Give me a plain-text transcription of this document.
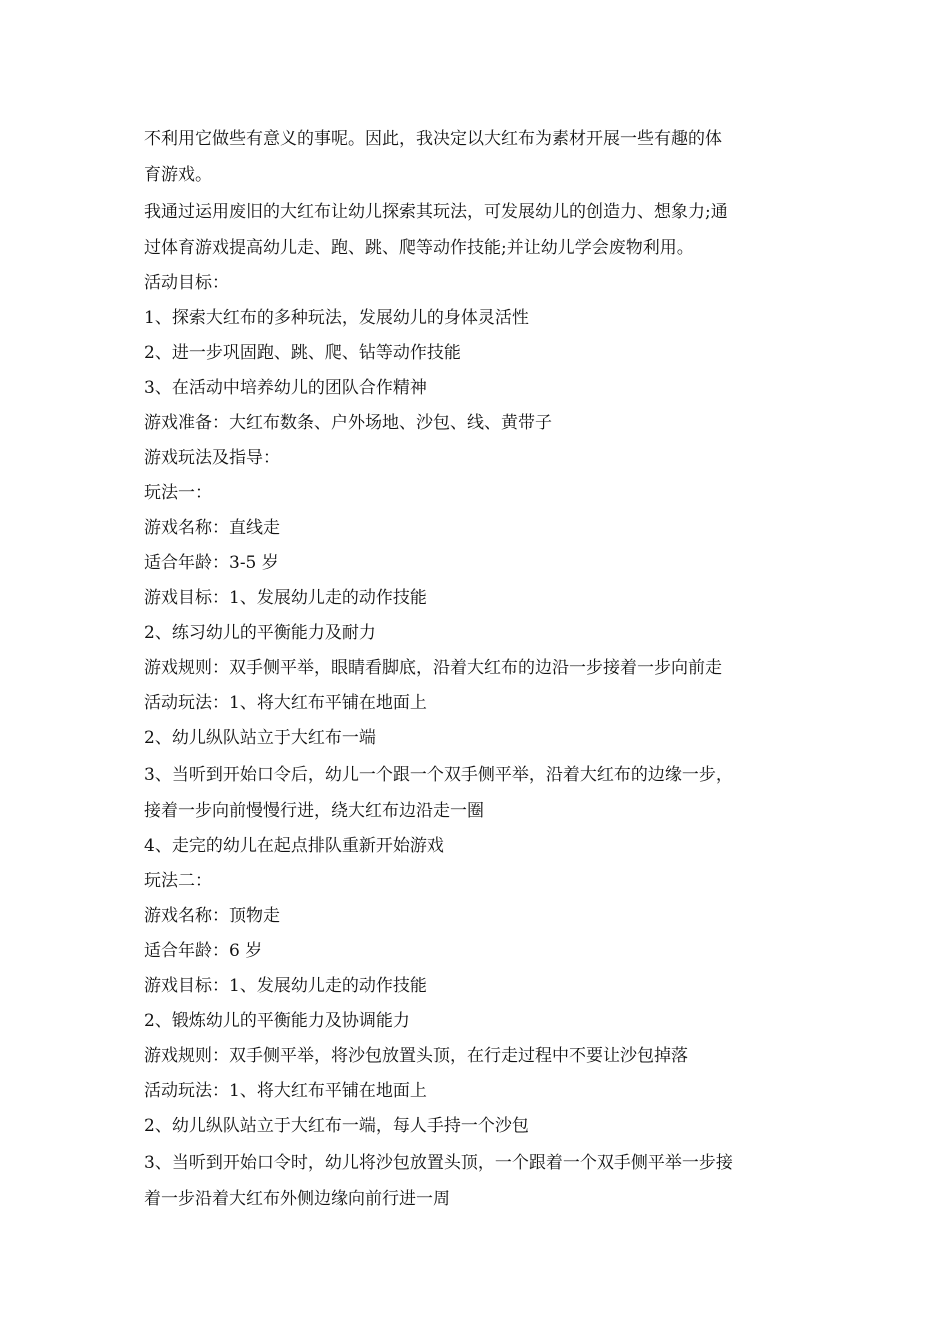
不利用它做些有意义的事呢。因此，我决定以大红布为素材开展一些有趣的体
育游戏。
我通过运用废旧的大红布让幼儿探索其玩法，可发展幼儿的创造力、想象力;通
过体育游戏提高幼儿走、跑、跳、爬等动作技能;并让幼儿学会废物利用。
活动目标：
1、探索大红布的多种玩法，发展幼儿的身体灵活性
2、进一步巩固跑、跳、爬、钻等动作技能
3、在活动中培养幼儿的团队合作精神
游戏准备：大红布数条、户外场地、沙包、线、黄带子
游戏玩法及指导：
玩法一：
游戏名称：直线走
适合年龄：3-5 岁
游戏目标：1、发展幼儿走的动作技能
2、练习幼儿的平衡能力及耐力
游戏规则：双手侧平举，眼睛看脚底，沿着大红布的边沿一步接着一步向前走
活动玩法：1、将大红布平铺在地面上
2、幼儿纵队站立于大红布一端
3、当听到开始口令后，幼儿一个跟一个双手侧平举，沿着大红布的边缘一步，
接着一步向前慢慢行进，绕大红布边沿走一圈
4、走完的幼儿在起点排队重新开始游戏
玩法二：
游戏名称：顶物走
适合年龄：6 岁
游戏目标：1、发展幼儿走的动作技能
2、锻炼幼儿的平衡能力及协调能力
游戏规则：双手侧平举，将沙包放置头顶，在行走过程中不要让沙包掉落
活动玩法：1、将大红布平铺在地面上
2、幼儿纵队站立于大红布一端，每人手持一个沙包
3、当听到开始口令时，幼儿将沙包放置头顶，一个跟着一个双手侧平举一步接
着一步沿着大红布外侧边缘向前行进一周
